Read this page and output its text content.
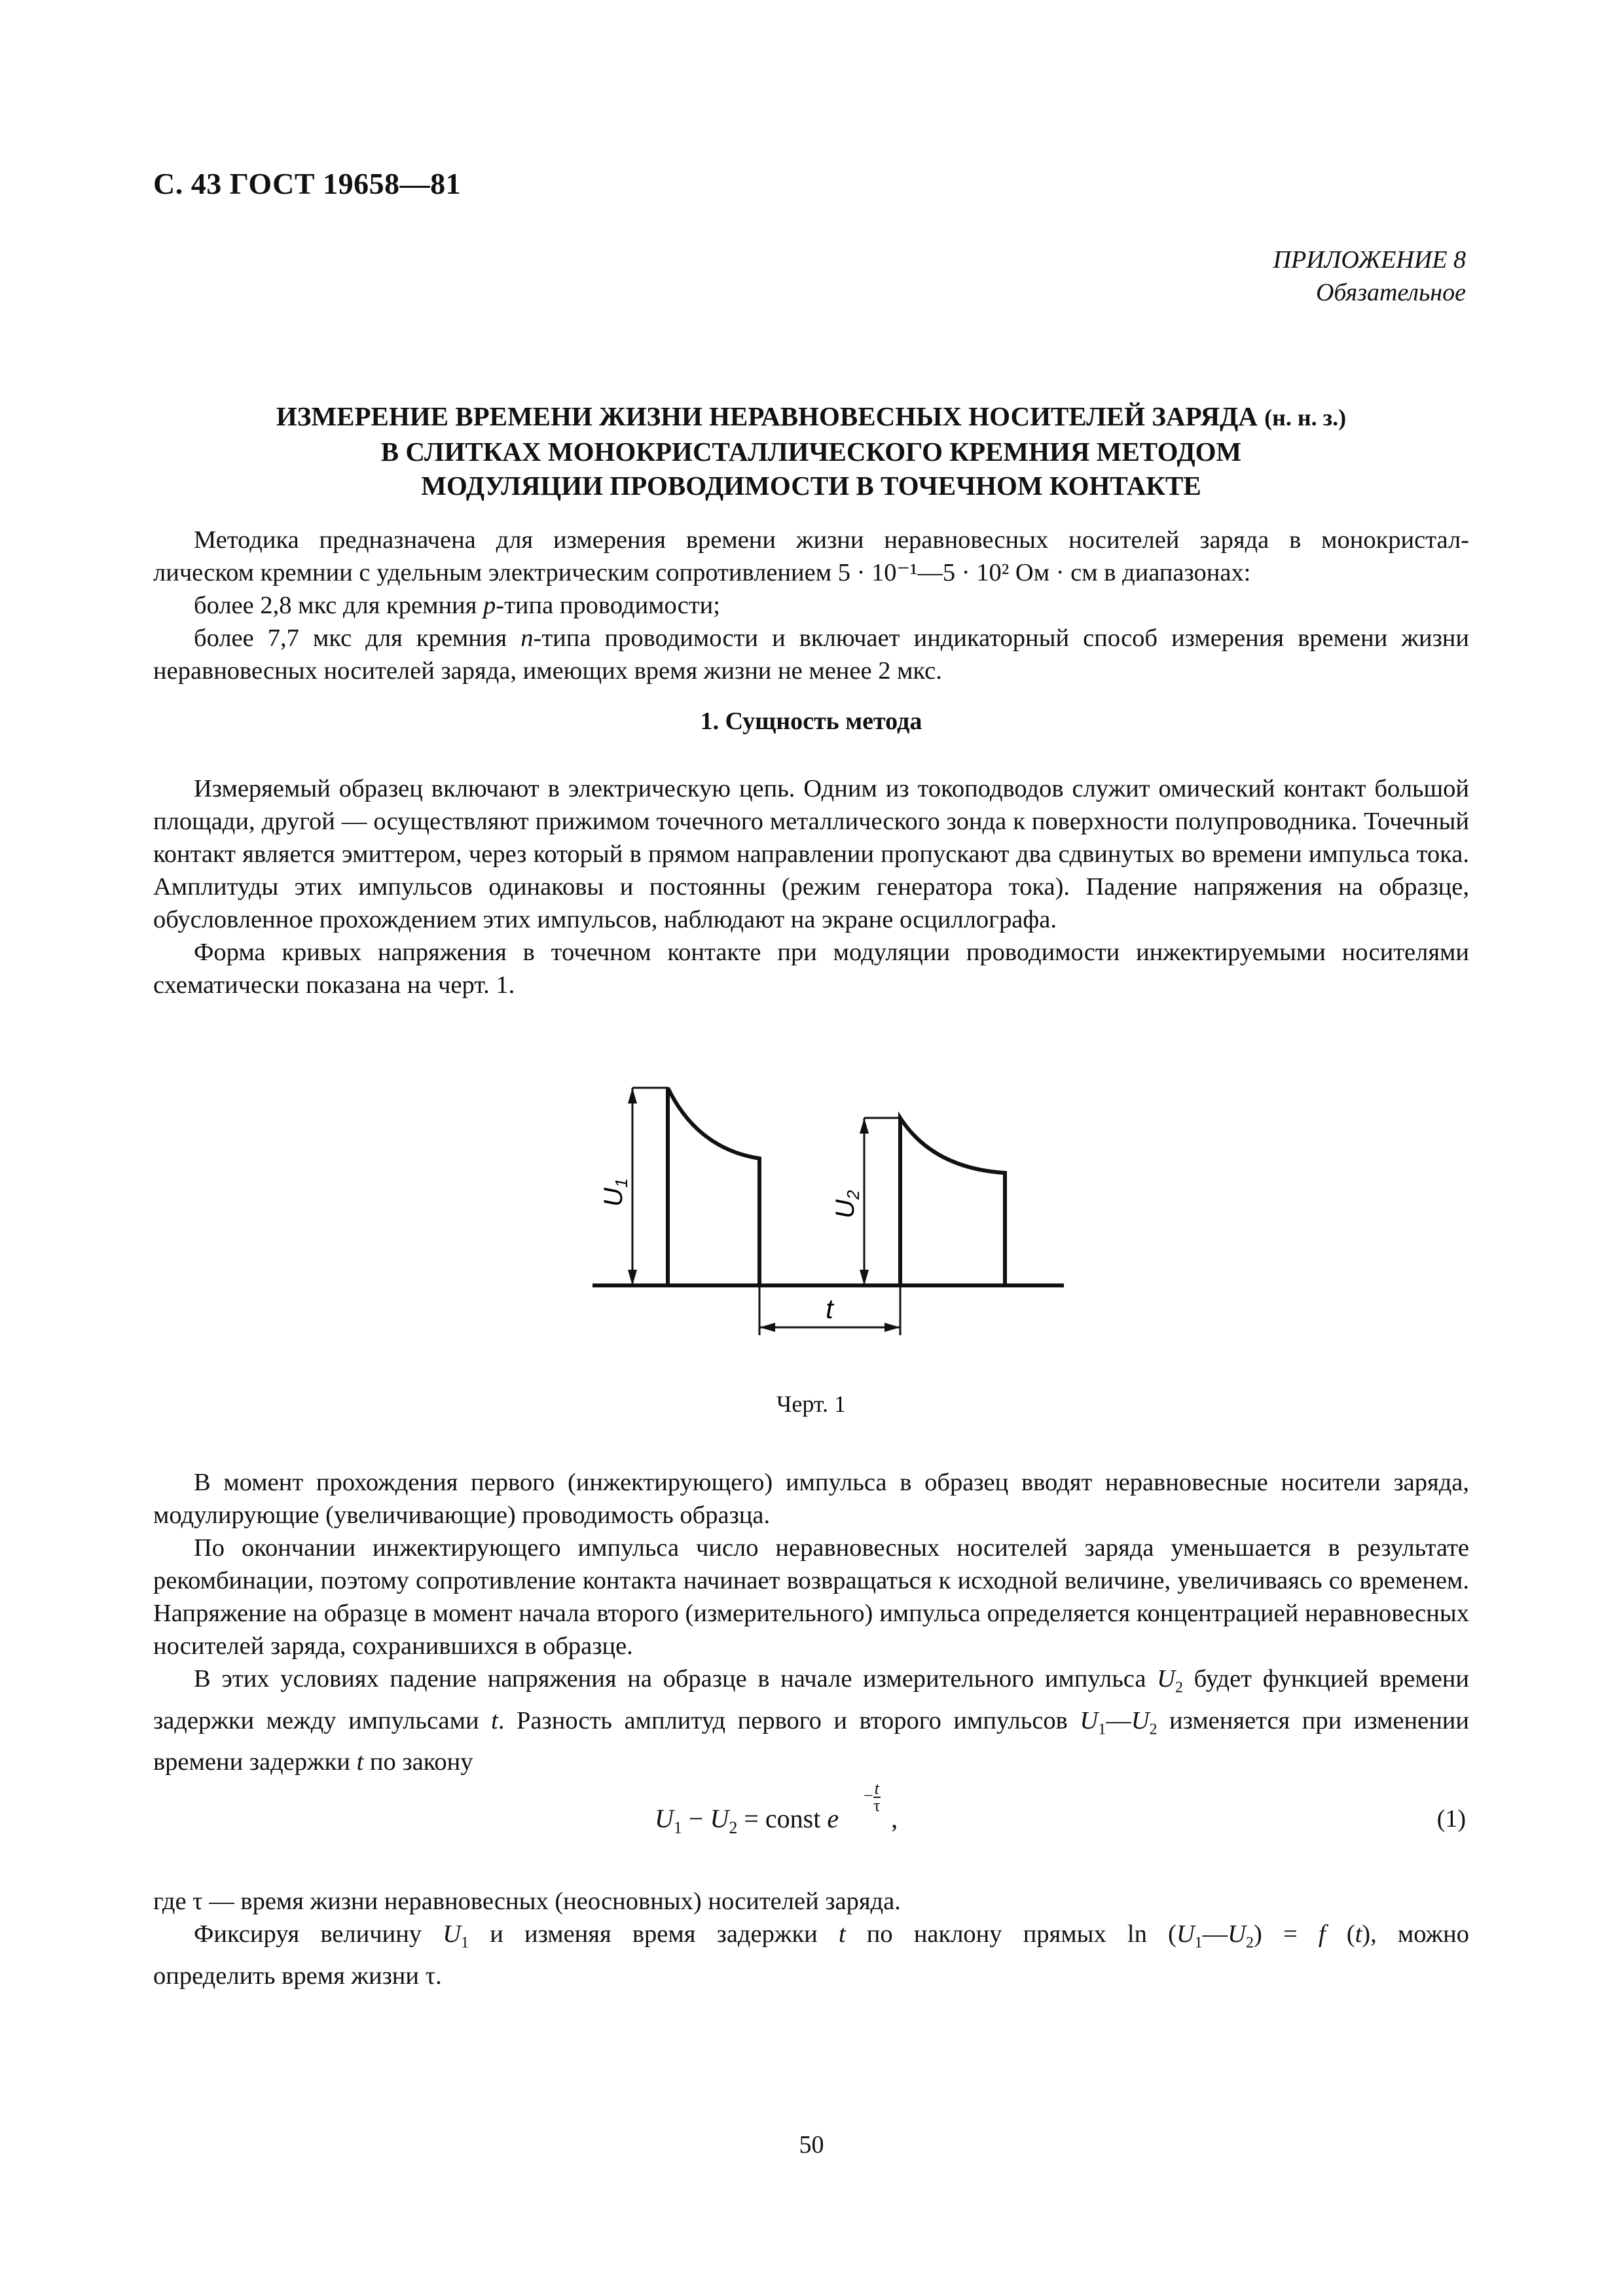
С. 43 ГОСТ 19658—81
ПРИЛОЖЕНИЕ 8
Обязательное
ИЗМЕРЕНИЕ ВРЕМЕНИ ЖИЗНИ НЕРАВНОВЕСНЫХ НОСИТЕЛЕЙ ЗАРЯДА (н. н. з.)
В СЛИТКАХ МОНОКРИСТАЛЛИЧЕСКОГО КРЕМНИЯ МЕТОДОМ
МОДУЛЯЦИИ ПРОВОДИМОСТИ В ТОЧЕЧНОМ КОНТАКТЕ

Методика предназначена для измерения времени жизни неравновесных носителей заряда в монокристал-

лическом кремнии с удельным электрическим сопротивлением 5 · 10⁻¹—5 · 10² Ом · см в диапазонах:

более 2,8 мкс для кремния p-типа проводимости;

более 7,7 мкс для кремния n-типа проводимости и включает индикаторный способ измерения времени жизни неравновесных носителей заряда, имеющих время жизни не менее 2 мкс.

1. Сущность метода

Измеряемый образец включают в электрическую цепь. Одним из токоподводов служит омический контакт большой площади, другой — осуществляют прижимом точечного металлического зонда к поверхности полупроводника. Точечный контакт является эмиттером, через который в прямом направлении пропускают два сдвинутых во времени импульса тока. Амплитуды этих импульсов одинаковы и постоянны (режим генератора тока). Падение напряжения на образце, обусловленное прохождением этих импульсов, наблюдают на экране осциллографа.

Форма кривых напряжения в точечном контакте при модуляции проводимости инжектируемыми носителями схематически показана на черт. 1.

$U_1$
$U_2$
t
Черт. 1

В момент прохождения первого (инжектирующего) импульса в образец вводят неравновесные носители заряда, модулирующие (увеличивающие) проводимость образца.

По окончании инжектирующего импульса число неравновесных носителей заряда уменьшается в результате рекомбинации, поэтому сопротивление контакта начинает возвращаться к исходной величине, увеличиваясь со временем. Напряжение на образце в момент начала второго (измерительного) импульса определяется концентрацией неравновесных носителей заряда, сохранившихся в образце.

В этих условиях падение напряжения на образце в начале измерительного импульса $U_2$ будет функцией времени задержки между импульсами t. Разность амплитуд первого и второго импульсов $U_1—U_2$ изменяется при изменении времени задержки t по закону

$U_1 - U_2$ = const e
− $\frac{t}{\tau}$
,	(1)

где τ — время жизни неравновесных (неосновных) носителей заряда.

Фиксируя величину $U_1$ и изменяя время задержки t по наклону прямых $\ln (U_1—U_2) = f$ (t), можно

определить время жизни τ.

50
